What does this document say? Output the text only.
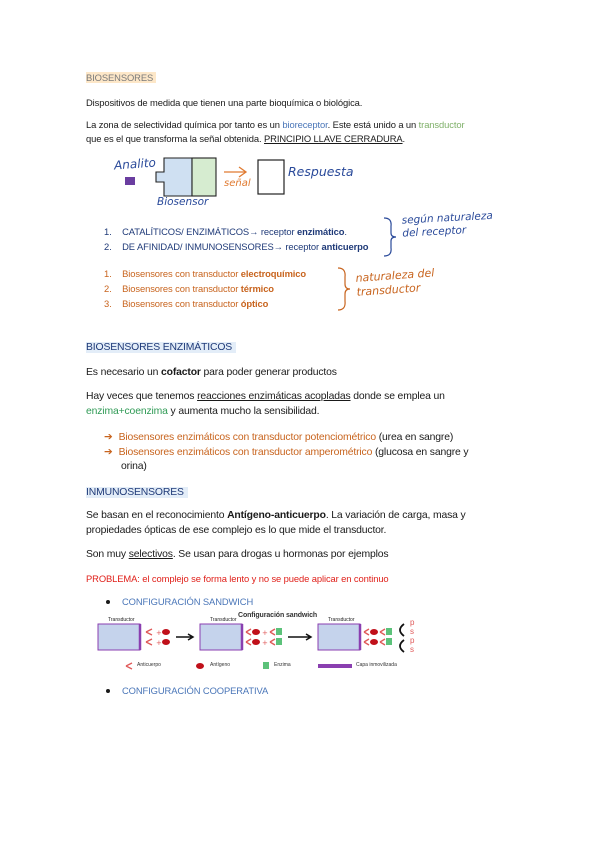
BIOSENSORES
Dispositivos de medida que tienen una parte bioquímica o biológica.
La zona de selectividad química por tanto es un bioreceptor. Este está unido a un transductor
que es el que transforma la señal obtenida. PRINCIPIO LLAVE CERRADURA.
Analito
Biosensor
señal
Respuesta
1. CATALÍTICOS/ ENZIMÁTICOS→ receptor enzimático.
2. DE AFINIDAD/ INMUNOSENSORES→ receptor anticuerpo
según naturaleza del receptor
1. Biosensores con transductor electroquímico
2. Biosensores con transductor térmico
3. Biosensores con transductor óptico
naturaleza del transductor
BIOSENSORES ENZIMÁTICOS
Es necesario un cofactor para poder generar productos
Hay veces que tenemos reacciones enzimáticas acopladas donde se emplea un
enzima+coenzima y aumenta mucho la sensibilidad.
➔ Biosensores enzimáticos con transductor potenciométrico (urea en sangre)
➔ Biosensores enzimáticos con transductor amperométrico (glucosa en sangre y
orina)
INMUNOSENSORES
Se basan en el reconocimiento Antígeno-anticuerpo. La variación de carga, masa y
propiedades ópticas de ese complejo es lo que mide el transductor.
Son muy selectivos. Se usan para drogas u hormonas por ejemplos
PROBLEMA: el complejo se forma lento y no se puede aplicar en continuo
CONFIGURACIÓN SANDWICH
Configuración sandwich
+
+
+
+
Transductor	Transductor	Transductor	p
s
p
s
Anticuerpo	Antígeno	Enzima	Capa inmovilizada
CONFIGURACIÓN COOPERATIVA
